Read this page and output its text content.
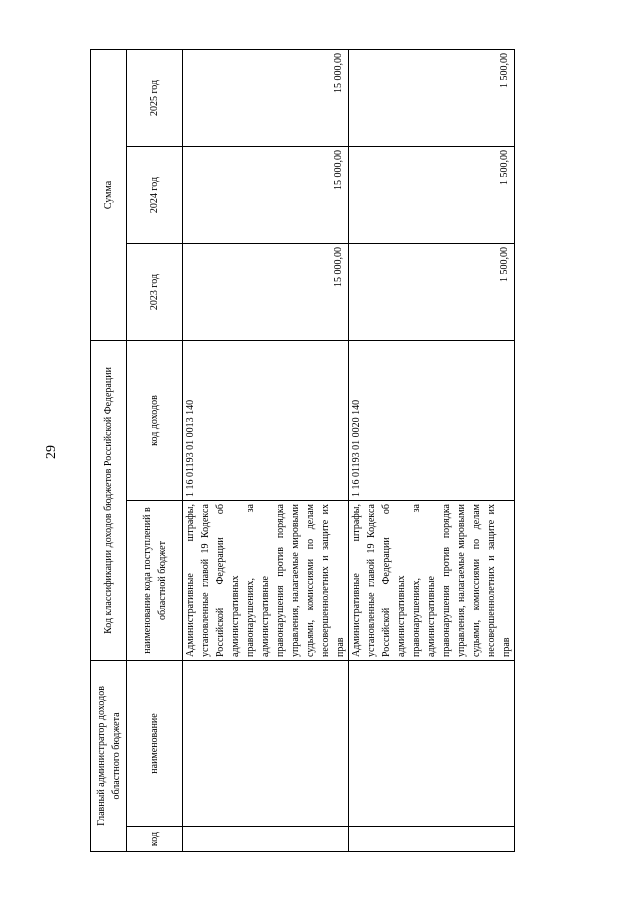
29
Главный администратор доходов областного бюджета		Код классификации доходов бюджетов Российской Федерации		Сумма		
код	наименование	наименование кода поступлений в областной бюджет	код доходов	2023 год	2024 год	2025 год
		Административные штрафы, установленные главой 19 Кодекса Российской Федерации об административных правонарушениях, за административные правонарушения против порядка управления, налагаемые мировыми судьями, комиссиями по делам несовершеннолетних и защите их прав	1 16 01193 01 0013 140	15 000,00	15 000,00	15 000,00
		Административные штрафы, установленные главой 19 Кодекса Российской Федерации об административных правонарушениях, за административные правонарушения против порядка управления, налагаемые мировыми судьями, комиссиями по делам несовершеннолетних и защите их прав	1 16 01193 01 0020 140	1 500,00	1 500,00	1 500,00
